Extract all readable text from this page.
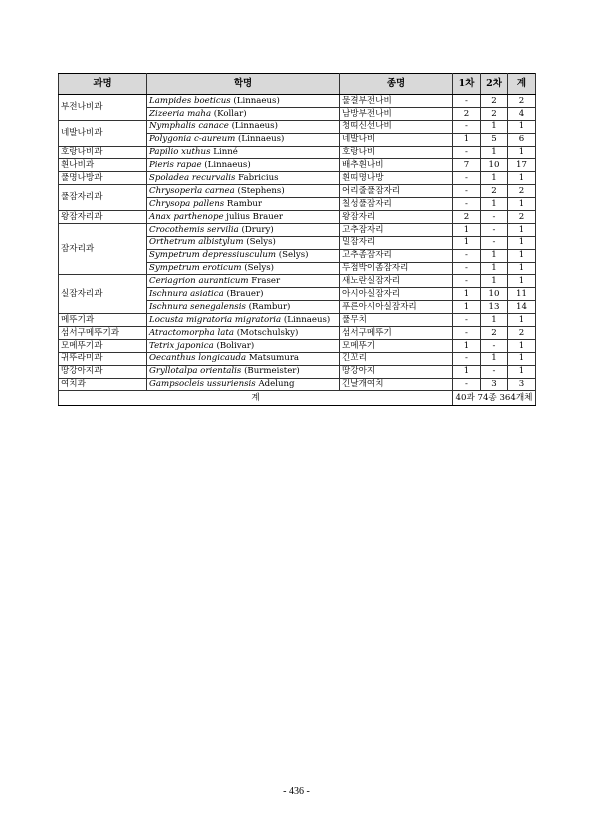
과명	학명	종명	1차	2차	계
부전나비과	Lampides boeticus (Linnaeus)	물결부전나비	-	2	2
	Zizeeria maha (Kollar)	남방부전나비	2	2	4
네발나비과	Nymphalis canace (Linnaeus)	청띠신선나비	-	1	1
	Polygonia c-aureum (Linnaeus)	네발나비	1	5	6
호랑나비과	Papilio xuthus Linné	호랑나비	-	1	1
흰나비과	Pieris rapae (Linnaeus)	배추흰나비	7	10	17
풀명나방과	Spoladea recurvalis Fabricius	흰띠명나방	-	1	1
풀잠자리과	Chrysoperla carnea (Stephens)	어리줄풀잠자리	-	2	2
	Chrysopa pallens Rambur	칠성풀잠자리	-	1	1
왕잠자리과	Anax parthenope julius Brauer	왕잠자리	2	-	2
잠자리과	Crocothemis servilia (Drury)	고추잠자리	1	-	1
	Orthetrum albistylum (Selys)	밀잠자리	1	-	1
	Sympetrum depressiusculum (Selys)	고추좀잠자리	-	1	1
	Sympetrum eroticum (Selys)	두점박이좀잠자리	-	1	1
실잠자리과	Ceriagrion auranticum Fraser	새노란실잠자리	-	1	1
	Ischnura asiatica (Brauer)	아시아실잠자리	1	10	11
	Ischnura senegalensis (Rambur)	푸른아시아실잠자리	1	13	14
메뚜기과	Locusta migratoria migratoria (Linnaeus)	풀무치	-	1	1
섬서구메뚜기과	Atractomorpha lata (Motschulsky)	섬서구메뚜기	-	2	2
모메뚜기과	Tetrix japonica (Bolivar)	모메뚜기	1	-	1
귀뚜라미과	Oecanthus longicauda Matsumura	긴꼬리	-	1	1
땅강아지과	Gryllotalpa orientalis (Burmeister)	땅강아지	1	-	1
여치과	Gampsocleis ussuriensis Adelung	긴날개여치	-	3	3
계			40과 74종 364개체		
- 436 -
